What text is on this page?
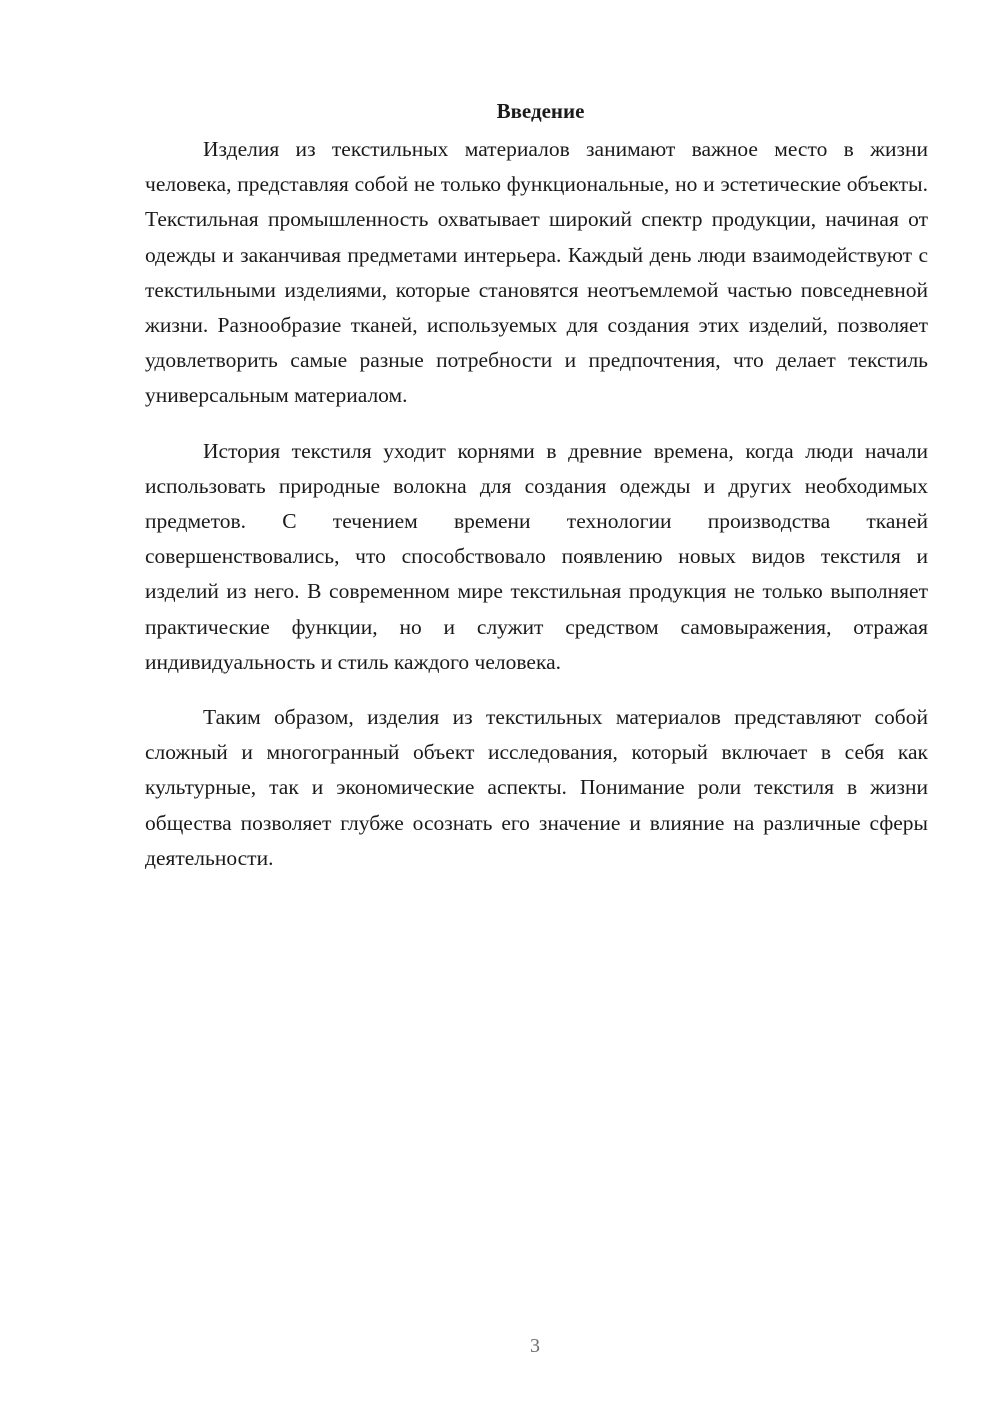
Введение

Изделия из текстильных материалов занимают важное место в жизни человека, представляя собой не только функциональные, но и эстетические объекты. Текстильная промышленность охватывает широкий спектр продукции, начиная от одежды и заканчивая предметами интерьера. Каждый день люди взаимодействуют с текстильными изделиями, которые становятся неотъемлемой частью повседневной жизни. Разнообразие тканей, используемых для создания этих изделий, позволяет удовлетворить самые разные потребности и предпочтения, что делает текстиль универсальным материалом.

История текстиля уходит корнями в древние времена, когда люди начали использовать природные волокна для создания одежды и других необходимых предметов. С течением времени технологии производства тканей совершенствовались, что способствовало появлению новых видов текстиля и изделий из него. В современном мире текстильная продукция не только выполняет практические функции, но и служит средством самовыражения, отражая индивидуальность и стиль каждого человека.

Таким образом, изделия из текстильных материалов представляют собой сложный и многогранный объект исследования, который включает в себя как культурные, так и экономические аспекты. Понимание роли текстиля в жизни общества позволяет глубже осознать его значение и влияние на различные сферы деятельности.

3
